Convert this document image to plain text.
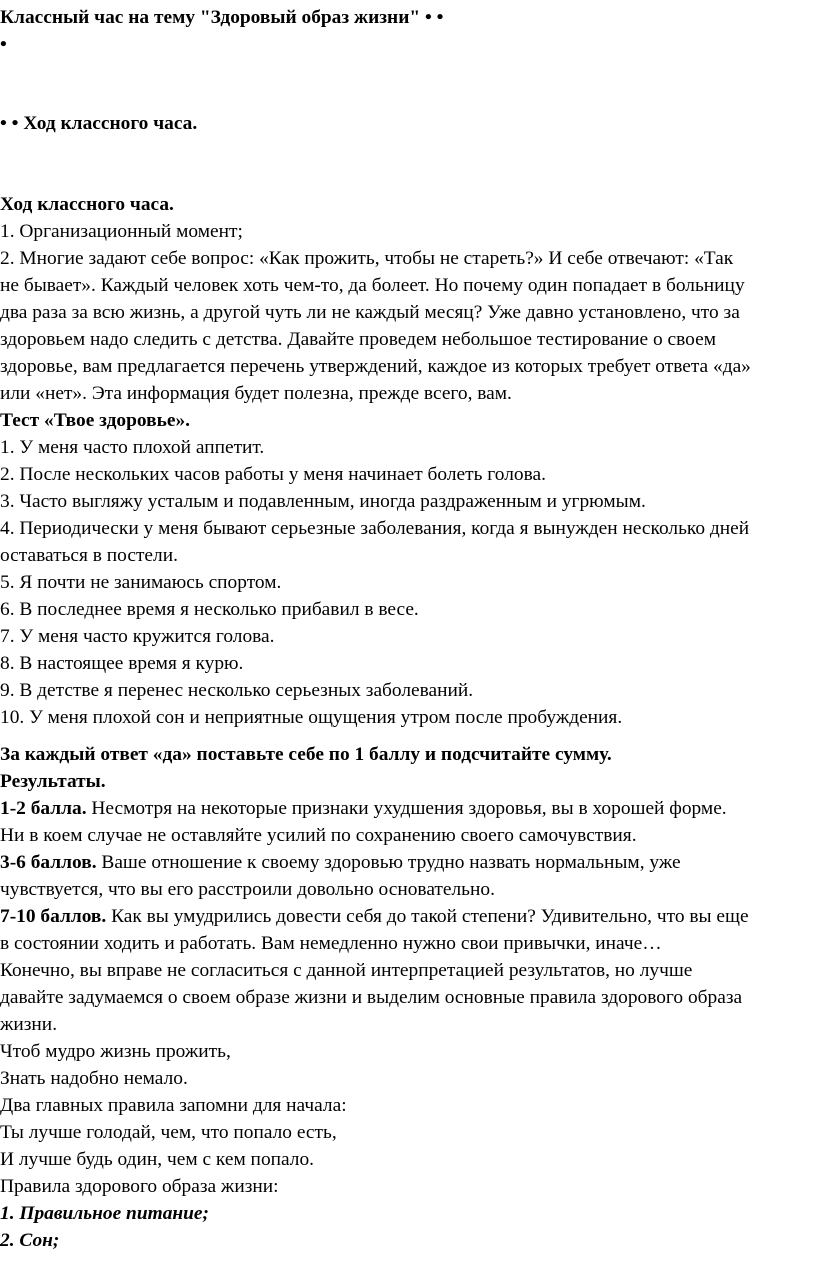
Классный час на тему "Здоровый образ жизни" • •
•
• • Ход классного часа.
Ход классного часа.
1. Организационный момент;
2. Многие задают себе вопрос: «Как прожить, чтобы не стареть?» И себе отвечают: «Так
не бывает». Каждый человек хоть чем-то, да болеет. Но почему один попадает в больницу
два раза за всю жизнь, а другой чуть ли не каждый месяц? Уже давно установлено, что за
здоровьем надо следить с детства. Давайте проведем небольшое тестирование о своем
здоровье, вам предлагается перечень утверждений, каждое из которых требует ответа «да»
или «нет». Эта информация будет полезна, прежде всего, вам.
Тест «Твое здоровье».
1. У меня часто плохой аппетит.
2. После нескольких часов работы у меня начинает болеть голова.
3. Часто выгляжу усталым и подавленным, иногда раздраженным и угрюмым.
4. Периодически у меня бывают серьезные заболевания, когда я вынужден несколько дней
оставаться в постели.
5. Я почти не занимаюсь спортом.
6. В последнее время я несколько прибавил в весе.
7. У меня часто кружится голова.
8. В настоящее время я курю.
9. В детстве я перенес несколько серьезных заболеваний.
10. У меня плохой сон и неприятные ощущения утром после пробуждения.
За каждый ответ «да» поставьте себе по 1 баллу и подсчитайте сумму.
Результаты.
1-2 балла. Несмотря на некоторые признаки ухудшения здоровья, вы в хорошей форме.
Ни в коем случае не оставляйте усилий по сохранению своего самочувствия.
3-6 баллов. Ваше отношение к своему здоровью трудно назвать нормальным, уже
чувствуется, что вы его расстроили довольно основательно.
7-10 баллов. Как вы умудрились довести себя до такой степени? Удивительно, что вы еще
в состоянии ходить и работать. Вам немедленно нужно свои привычки, иначе…
Конечно, вы вправе не согласиться с данной интерпретацией результатов, но лучше
давайте задумаемся о своем образе жизни и выделим основные правила здорового образа
жизни.
Чтоб мудро жизнь прожить,
Знать надобно немало.
Два главных правила запомни для начала:
Ты лучше голодай, чем, что попало есть,
И лучше будь один, чем с кем попало.
Правила здорового образа жизни:
1. Правильное питание;
2. Сон;
